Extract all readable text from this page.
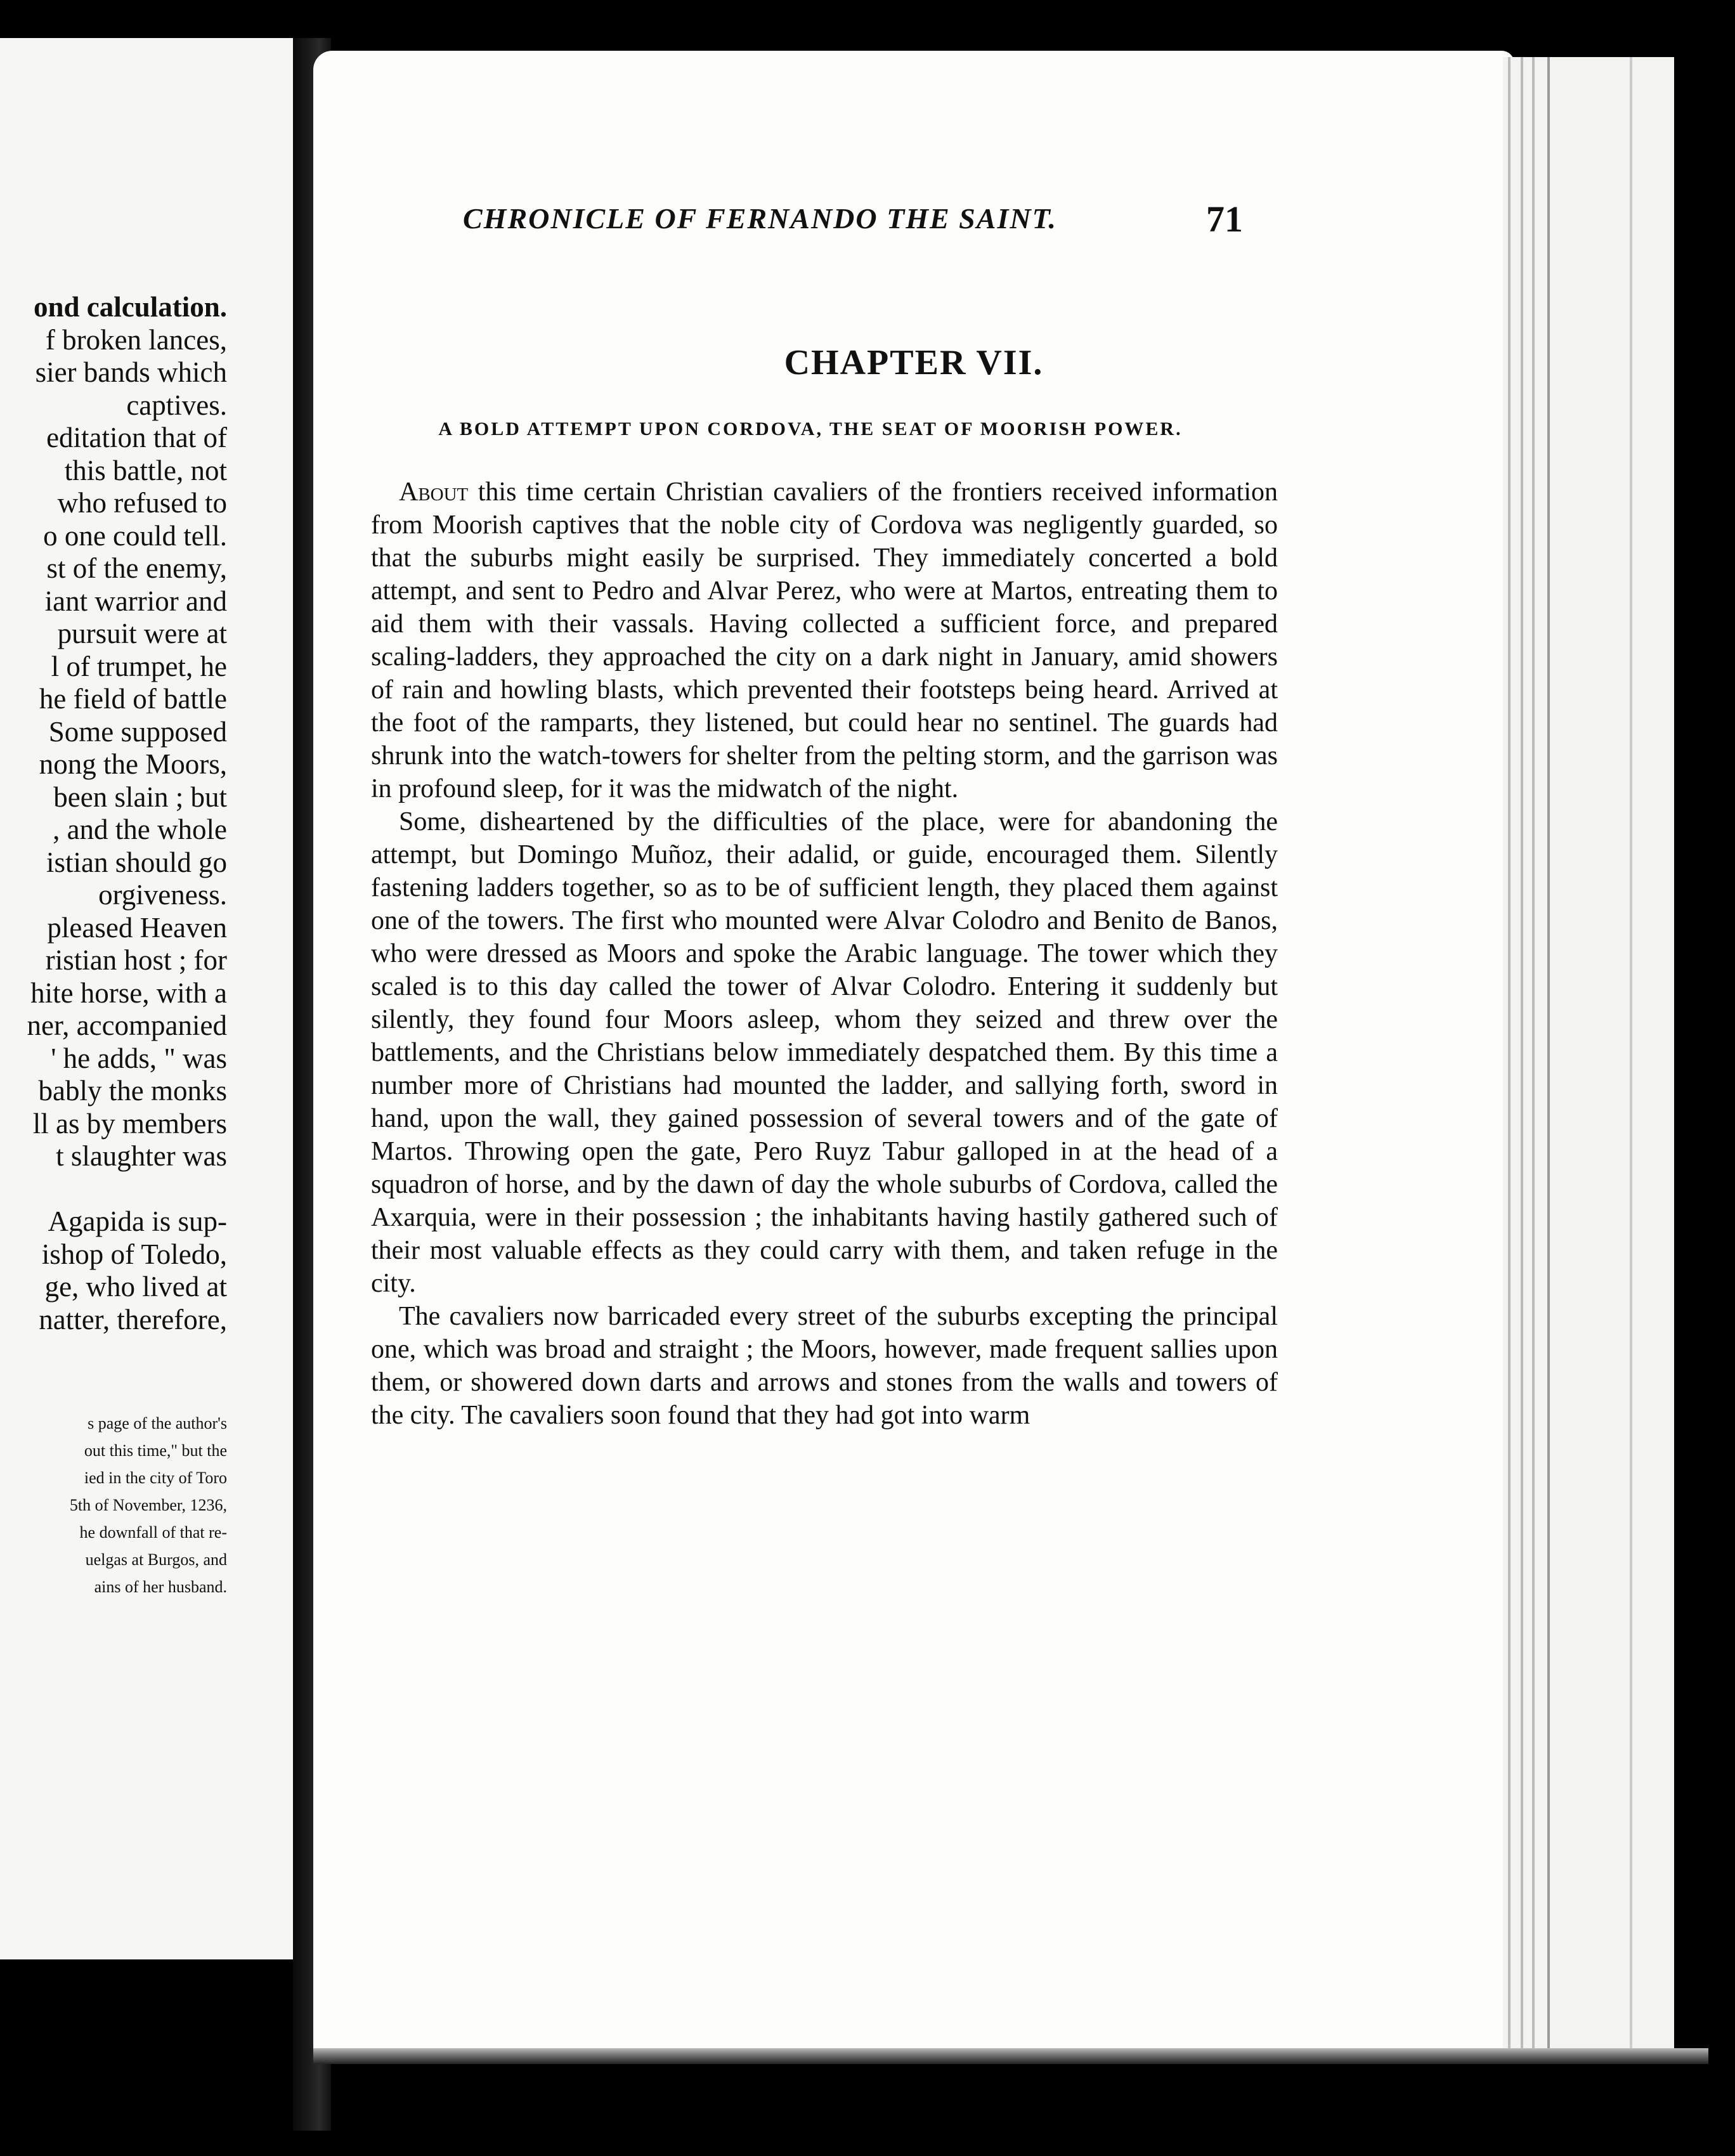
ond calculation.
f broken lances,
sier bands which
captives.
editation that of
this battle, not
who refused to
o one could tell.
st of the enemy,
iant warrior and
pursuit were at
l of trumpet, he
he field of battle
Some supposed
nong the Moors,
been slain ; but
, and the whole
istian should go
orgiveness.
pleased Heaven
ristian host ; for
hite horse, with a
ner, accompanied
' he adds, " was
bably the monks
ll as by members
t slaughter was
Agapida is sup-
ishop of Toledo,
ge, who lived at
natter, therefore,
s page of the author's
out this time," but the
ied in the city of Toro
5th of November, 1236,
he downfall of that re-
uelgas at Burgos, and
ains of her husband.
CHRONICLE OF FERNANDO THE SAINT.	71
CHAPTER VII.
A BOLD ATTEMPT UPON CORDOVA, THE SEAT OF MOORISH POWER.

About this time certain Christian cavaliers of the frontiers received information from Moorish captives that the noble city of Cordova was negligently guarded, so that the suburbs might easily be surprised. They immediately concerted a bold attempt, and sent to Pedro and Alvar Perez, who were at Martos, entreating them to aid them with their vassals. Having collected a sufficient force, and prepared scaling-ladders, they approached the city on a dark night in January, amid showers of rain and howling blasts, which prevented their footsteps being heard. Arrived at the foot of the ramparts, they listened, but could hear no sentinel. The guards had shrunk into the watch-towers for shelter from the pelting storm, and the garrison was in profound sleep, for it was the midwatch of the night.

Some, disheartened by the difficulties of the place, were for abandoning the attempt, but Domingo Muñoz, their adalid, or guide, encouraged them. Silently fastening ladders together, so as to be of sufficient length, they placed them against one of the towers. The first who mounted were Alvar Colodro and Benito de Banos, who were dressed as Moors and spoke the Arabic language. The tower which they scaled is to this day called the tower of Alvar Colodro. Entering it suddenly but silently, they found four Moors asleep, whom they seized and threw over the battlements, and the Christians below immediately despatched them. By this time a number more of Christians had mounted the ladder, and sallying forth, sword in hand, upon the wall, they gained possession of several towers and of the gate of Martos. Throwing open the gate, Pero Ruyz Tabur galloped in at the head of a squadron of horse, and by the dawn of day the whole suburbs of Cordova, called the Axarquia, were in their possession ; the inhabitants having hastily gathered such of their most valuable effects as they could carry with them, and taken refuge in the city.

The cavaliers now barricaded every street of the suburbs excepting the principal one, which was broad and straight ; the Moors, however, made frequent sallies upon them, or showered down darts and arrows and stones from the walls and towers of the city. The cavaliers soon found that they had got into warm
